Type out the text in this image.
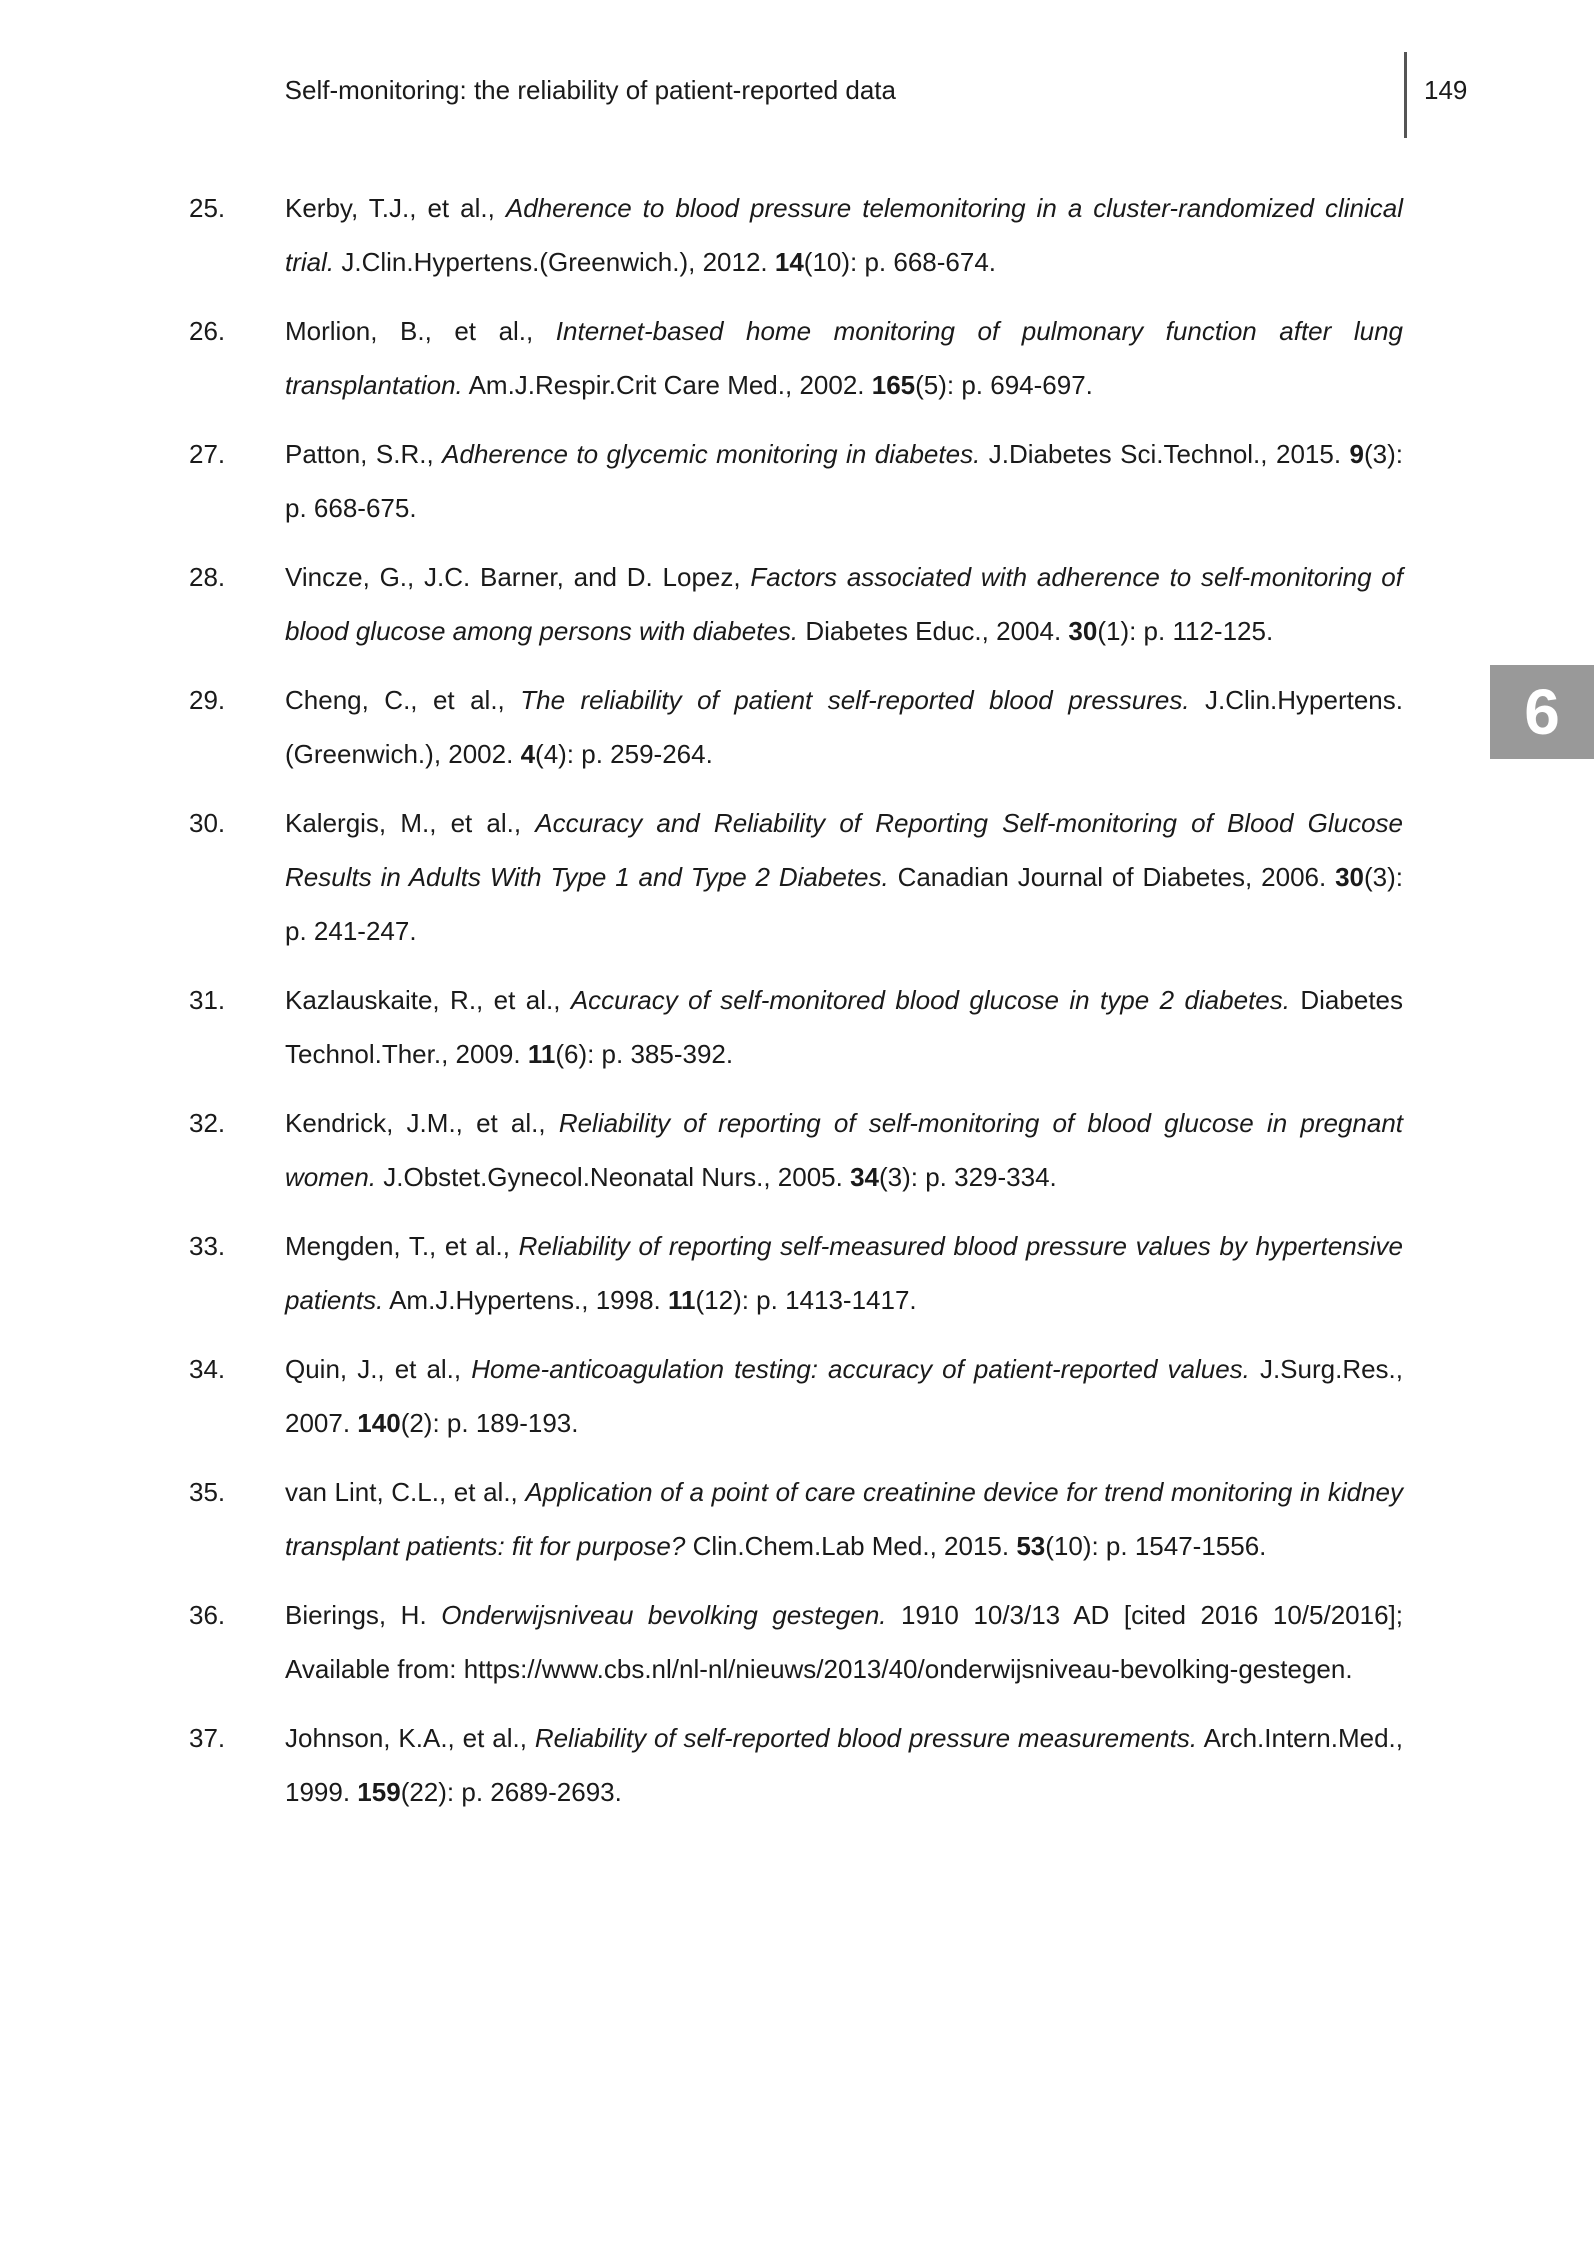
Self-monitoring: the reliability of patient-reported data	149
6
25. Kerby, T.J., et al., Adherence to blood pressure telemonitoring in a cluster-randomized clinical trial. J.Clin.Hypertens.(Greenwich.), 2012. 14(10): p. 668-674.
26. Morlion, B., et al., Internet-based home monitoring of pulmonary function after lung transplantation. Am.J.Respir.Crit Care Med., 2002. 165(5): p. 694-697.
27. Patton, S.R., Adherence to glycemic monitoring in diabetes. J.Diabetes Sci.Technol., 2015. 9(3): p. 668-675.
28. Vincze, G., J.C. Barner, and D. Lopez, Factors associated with adherence to self-monitoring of blood glucose among persons with diabetes. Diabetes Educ., 2004. 30(1): p. 112-125.
29. Cheng, C., et al., The reliability of patient self-reported blood pressures. J.Clin.Hypertens.(Greenwich.), 2002. 4(4): p. 259-264.
30. Kalergis, M., et al., Accuracy and Reliability of Reporting Self-monitoring of Blood Glucose Results in Adults With Type 1 and Type 2 Diabetes. Canadian Journal of Diabetes, 2006. 30(3): p. 241-247.
31. Kazlauskaite, R., et al., Accuracy of self-monitored blood glucose in type 2 diabetes. Diabetes Technol.Ther., 2009. 11(6): p. 385-392.
32. Kendrick, J.M., et al., Reliability of reporting of self-monitoring of blood glucose in pregnant women. J.Obstet.Gynecol.Neonatal Nurs., 2005. 34(3): p. 329-334.
33. Mengden, T., et al., Reliability of reporting self-measured blood pressure values by hypertensive patients. Am.J.Hypertens., 1998. 11(12): p. 1413-1417.
34. Quin, J., et al., Home-anticoagulation testing: accuracy of patient-reported values. J.Surg.Res., 2007. 140(2): p. 189-193.
35. van Lint, C.L., et al., Application of a point of care creatinine device for trend monitoring in kidney transplant patients: fit for purpose? Clin.Chem.Lab Med., 2015. 53(10): p. 1547-1556.
36. Bierings, H. Onderwijsniveau bevolking gestegen. 1910 10/3/13 AD [cited 2016 10/5/2016]; Available from: https://www.cbs.nl/nl-nl/nieuws/2013/40/onderwijsniveau-bevolking-gestegen.
37. Johnson, K.A., et al., Reliability of self-reported blood pressure measurements. Arch.Intern.Med., 1999. 159(22): p. 2689-2693.
